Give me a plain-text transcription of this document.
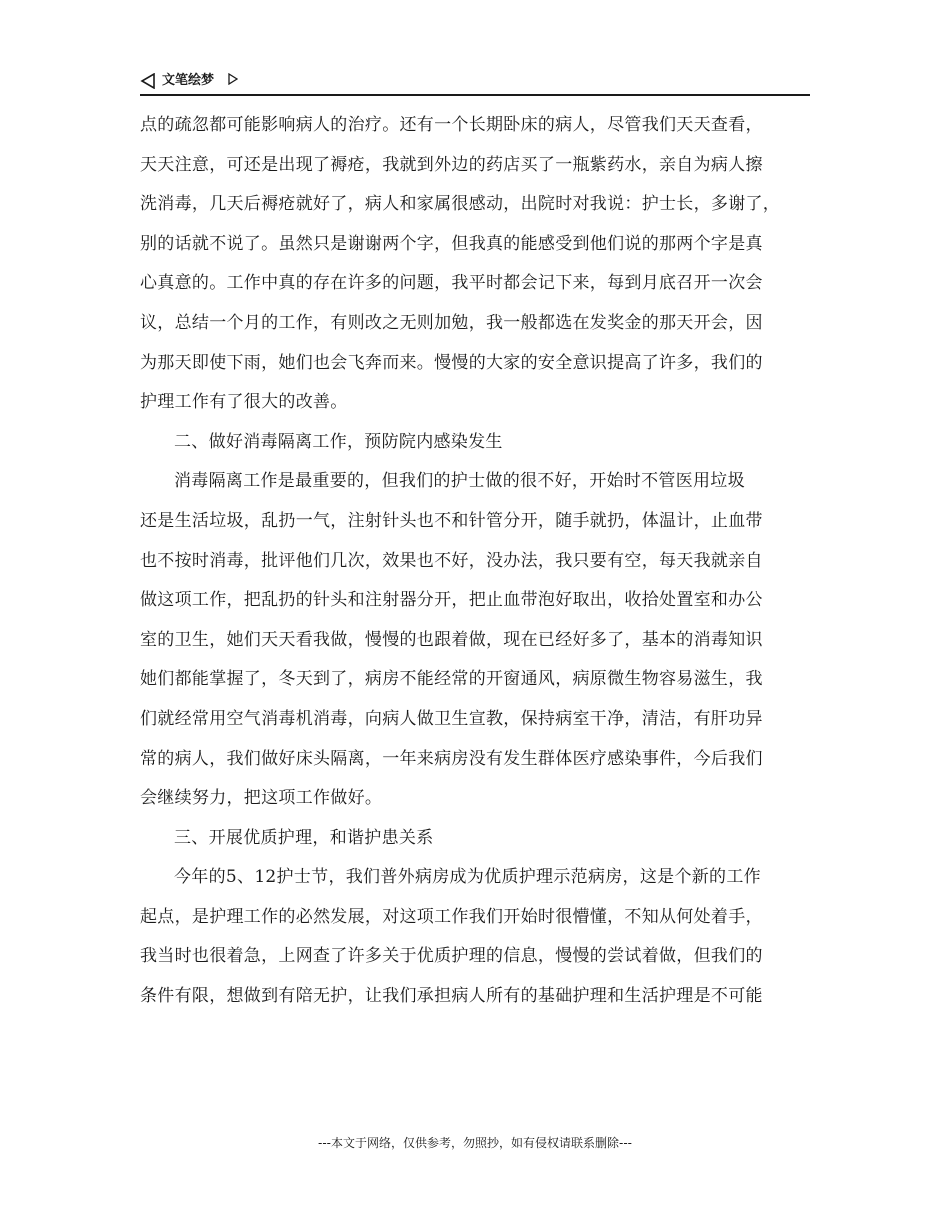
文笔绘梦
点的疏忽都可能影响病人的治疗。还有一个长期卧床的病人，尽管我们天天查看，
天天注意，可还是出现了褥疮，我就到外边的药店买了一瓶紫药水，亲自为病人擦
洗消毒，几天后褥疮就好了，病人和家属很感动，出院时对我说：护士长，多谢了，
别的话就不说了。虽然只是谢谢两个字，但我真的能感受到他们说的那两个字是真
心真意的。工作中真的存在许多的问题，我平时都会记下来，每到月底召开一次会
议，总结一个月的工作，有则改之无则加勉，我一般都选在发奖金的那天开会，因
为那天即使下雨，她们也会飞奔而来。慢慢的大家的安全意识提高了许多，我们的
护理工作有了很大的改善。
二、做好消毒隔离工作，预防院内感染发生
消毒隔离工作是最重要的，但我们的护士做的很不好，开始时不管医用垃圾
还是生活垃圾，乱扔一气，注射针头也不和针管分开，随手就扔，体温计，止血带
也不按时消毒，批评他们几次，效果也不好，没办法，我只要有空，每天我就亲自
做这项工作，把乱扔的针头和注射器分开，把止血带泡好取出，收拾处置室和办公
室的卫生，她们天天看我做，慢慢的也跟着做，现在已经好多了，基本的消毒知识
她们都能掌握了，冬天到了，病房不能经常的开窗通风，病原微生物容易滋生，我
们就经常用空气消毒机消毒，向病人做卫生宣教，保持病室干净，清洁，有肝功异
常的病人，我们做好床头隔离，一年来病房没有发生群体医疗感染事件，今后我们
会继续努力，把这项工作做好。
三、开展优质护理，和谐护患关系
今年的5、12护士节，我们普外病房成为优质护理示范病房，这是个新的工作
起点，是护理工作的必然发展，对这项工作我们开始时很懵懂，不知从何处着手，
我当时也很着急，上网查了许多关于优质护理的信息，慢慢的尝试着做，但我们的
条件有限，想做到有陪无护，让我们承担病人所有的基础护理和生活护理是不可能
---本文于网络，仅供参考，勿照抄，如有侵权请联系删除---
